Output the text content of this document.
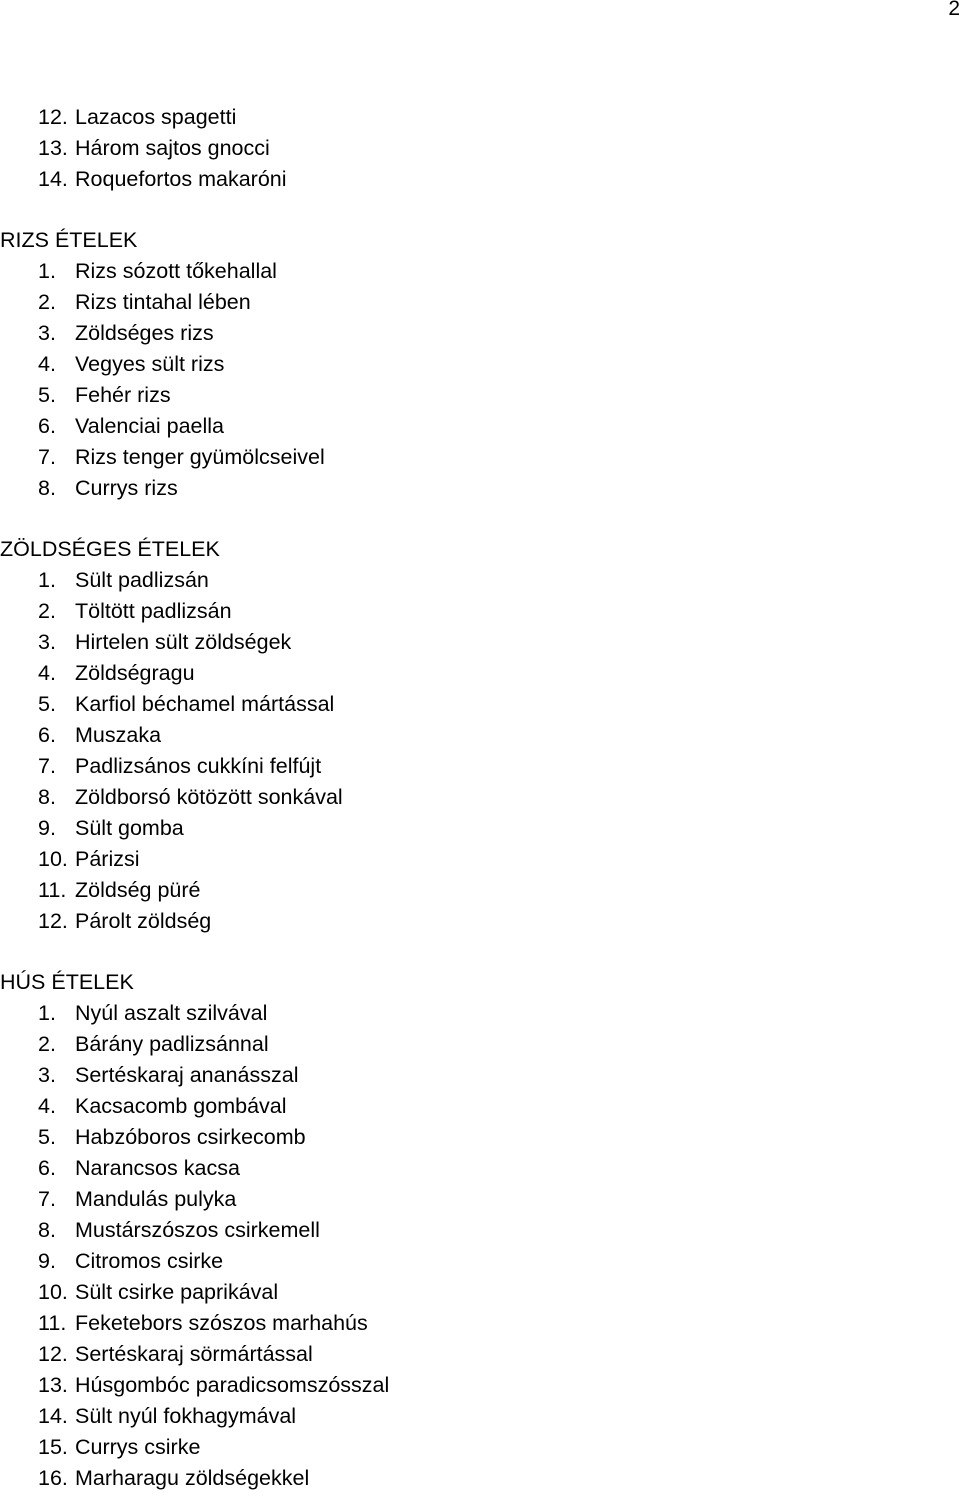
2
12. Lazacos spagetti
13. Három sajtos gnocci
14. Roquefortos makaróni
RIZS ÉTELEK
1. Rizs sózott tőkehallal
2. Rizs tintahal lében
3. Zöldséges rizs
4. Vegyes sült rizs
5. Fehér rizs
6. Valenciai paella
7. Rizs tenger gyümölcseivel
8. Currys rizs
ZÖLDSÉGES ÉTELEK
1. Sült padlizsán
2. Töltött padlizsán
3. Hirtelen sült zöldségek
4. Zöldségragu
5. Karfiol béchamel mártással
6. Muszaka
7. Padlizsános cukkíni felfújt
8. Zöldborsó kötözött sonkával
9. Sült gomba
10. Párizsi
11. Zöldség püré
12. Párolt zöldség
HÚS ÉTELEK
1. Nyúl aszalt szilvával
2. Bárány padlizsánnal
3. Sertéskaraj ananásszal
4. Kacsacomb gombával
5. Habzóboros csirkecomb
6. Narancsos kacsa
7. Mandulás pulyka
8. Mustárszószos csirkemell
9. Citromos csirke
10. Sült csirke paprikával
11. Feketebors szószos marhahús
12. Sertéskaraj sörmártással
13. Húsgombóc paradicsomszósszal
14. Sült nyúl fokhagymával
15. Currys csirke
16. Marharagu zöldségekkel
